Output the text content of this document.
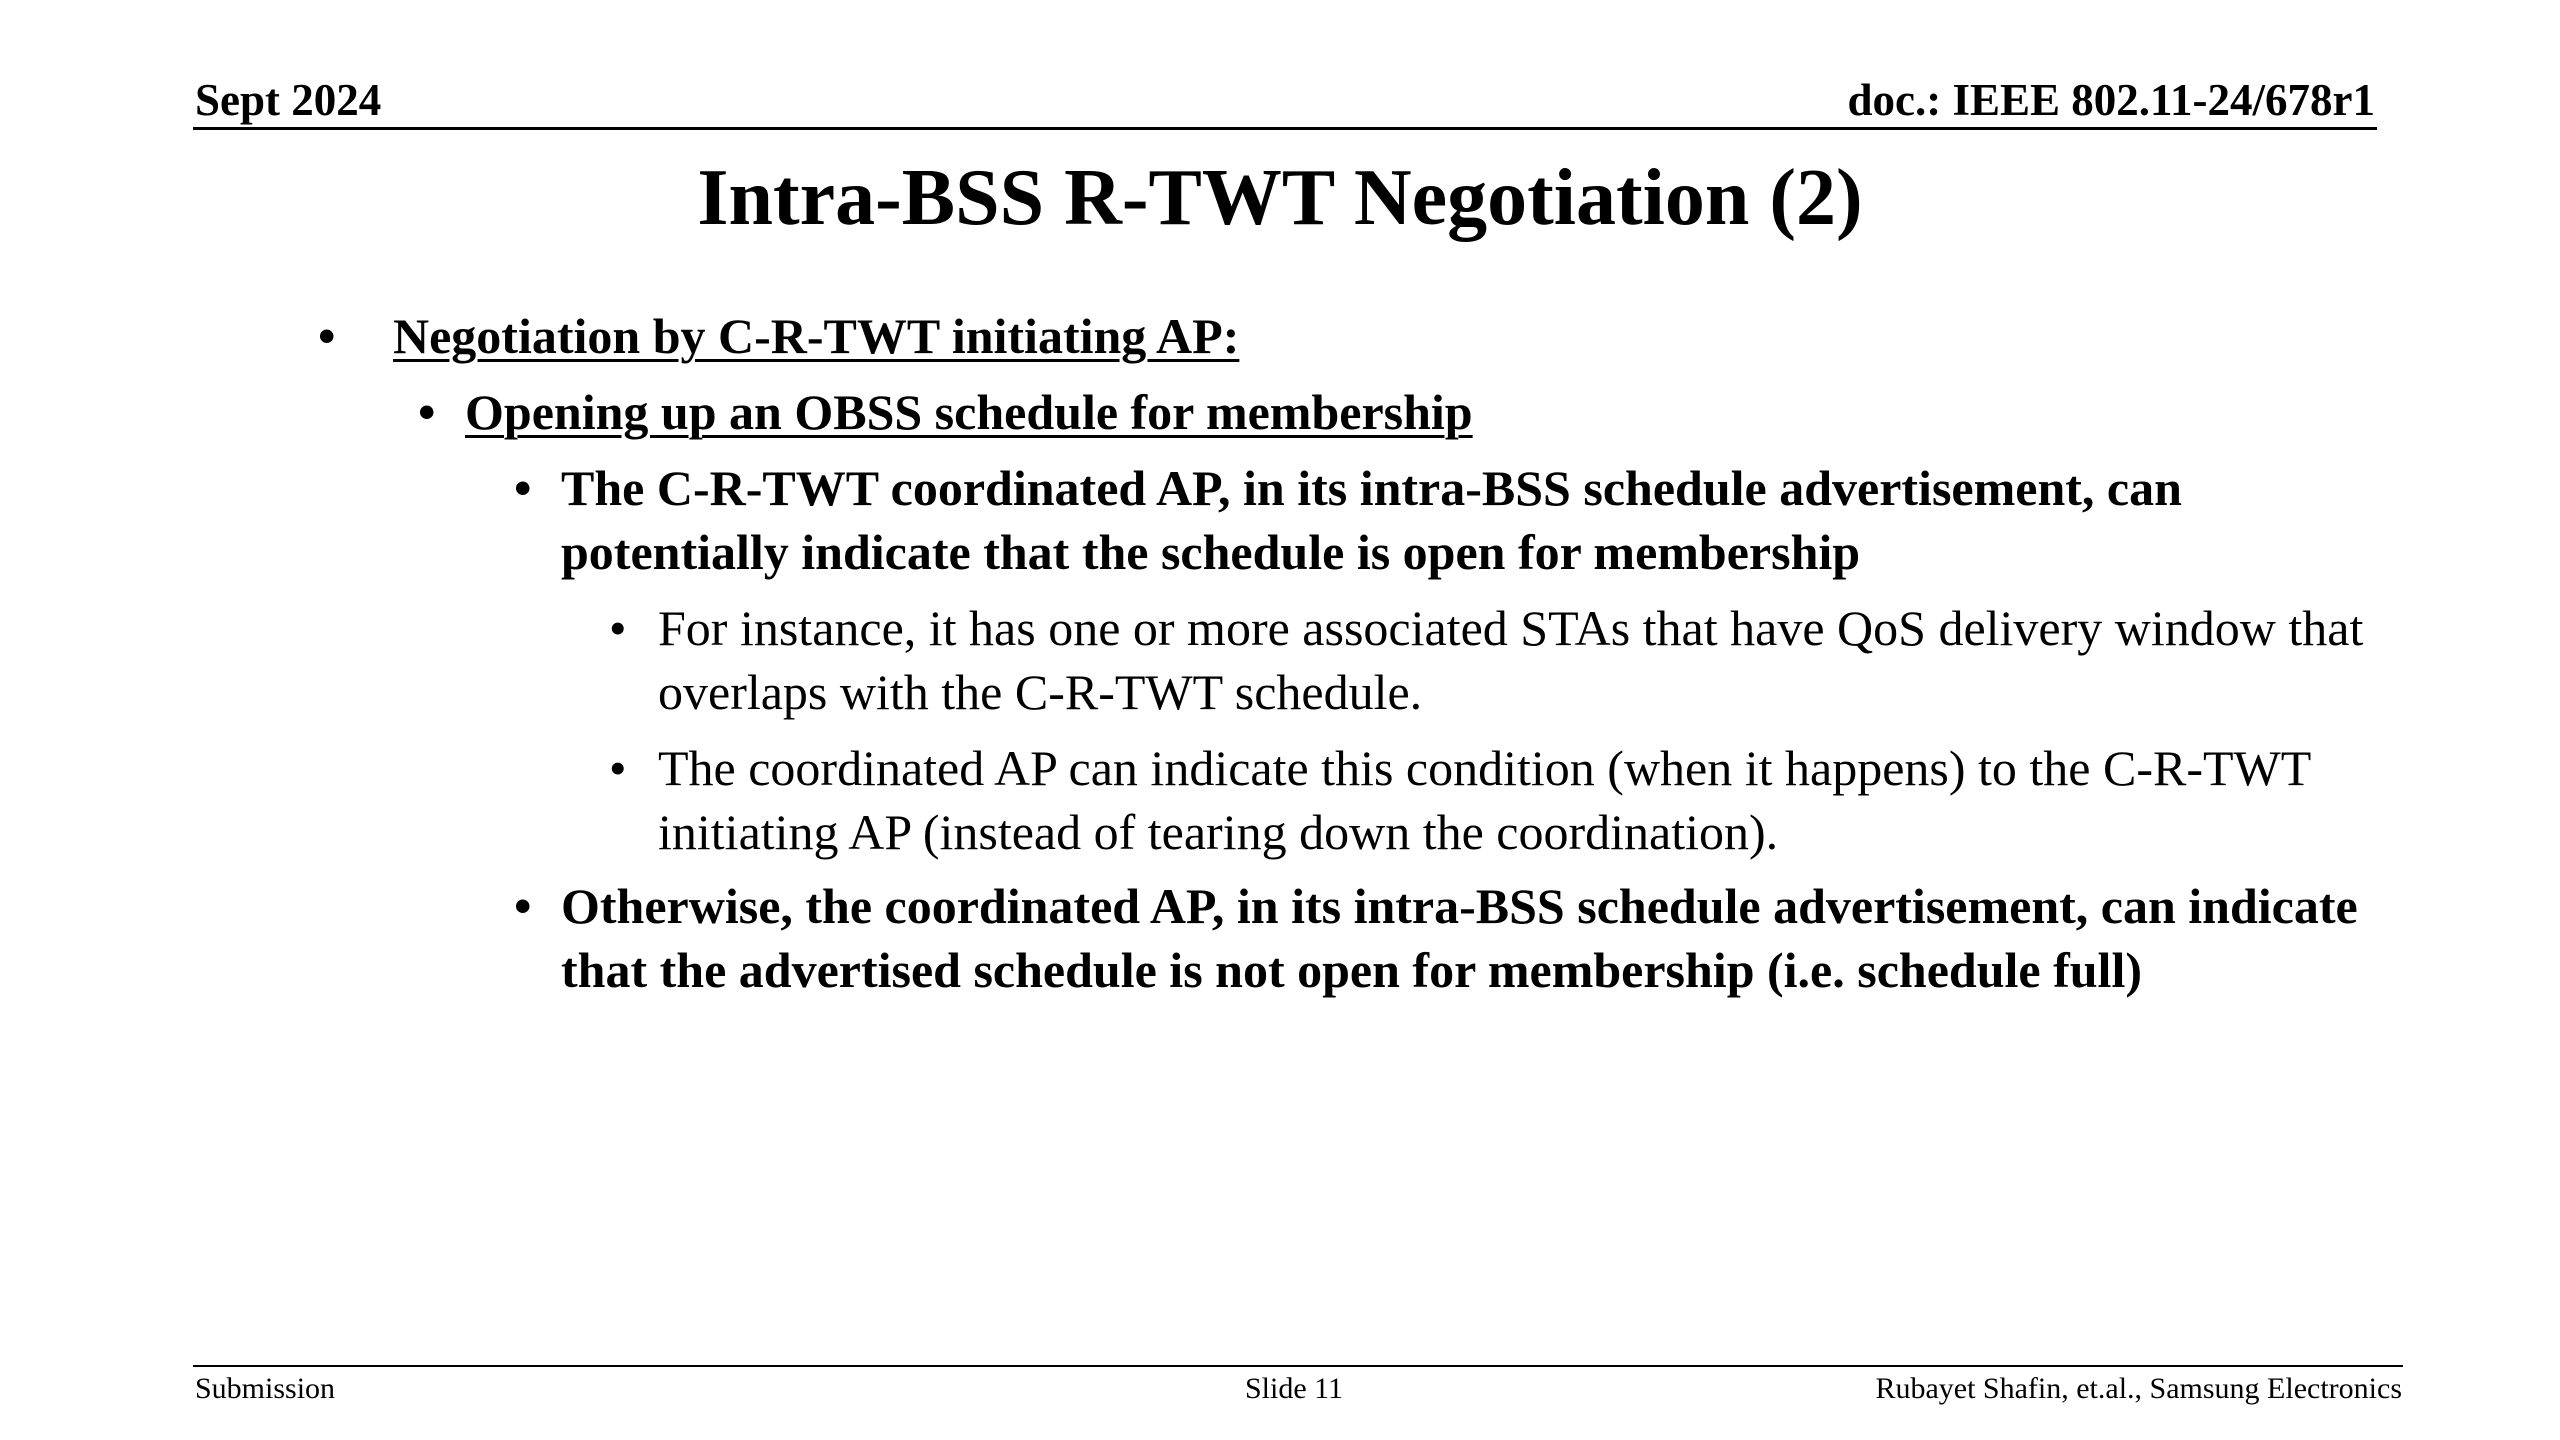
Sept 2024	doc.: IEEE 802.11-24/678r1
Intra-BSS R-TWT Negotiation (2)
• Negotiation by C-R-TWT initiating AP:
• Opening up an OBSS schedule for membership
• The C-R-TWT coordinated AP, in its intra-BSS schedule advertisement, can potentially indicate that the schedule is open for membership
• For instance, it has one or more associated STAs that have QoS delivery window that overlaps with the C-R-TWT schedule.
• The coordinated AP can indicate this condition (when it happens) to the C-R-TWT initiating AP (instead of tearing down the coordination).
• Otherwise, the coordinated AP, in its intra-BSS schedule advertisement, can indicate that the advertised schedule is not open for membership (i.e. schedule full)
Submission	Slide 11	Rubayet Shafin, et.al., Samsung Electronics
